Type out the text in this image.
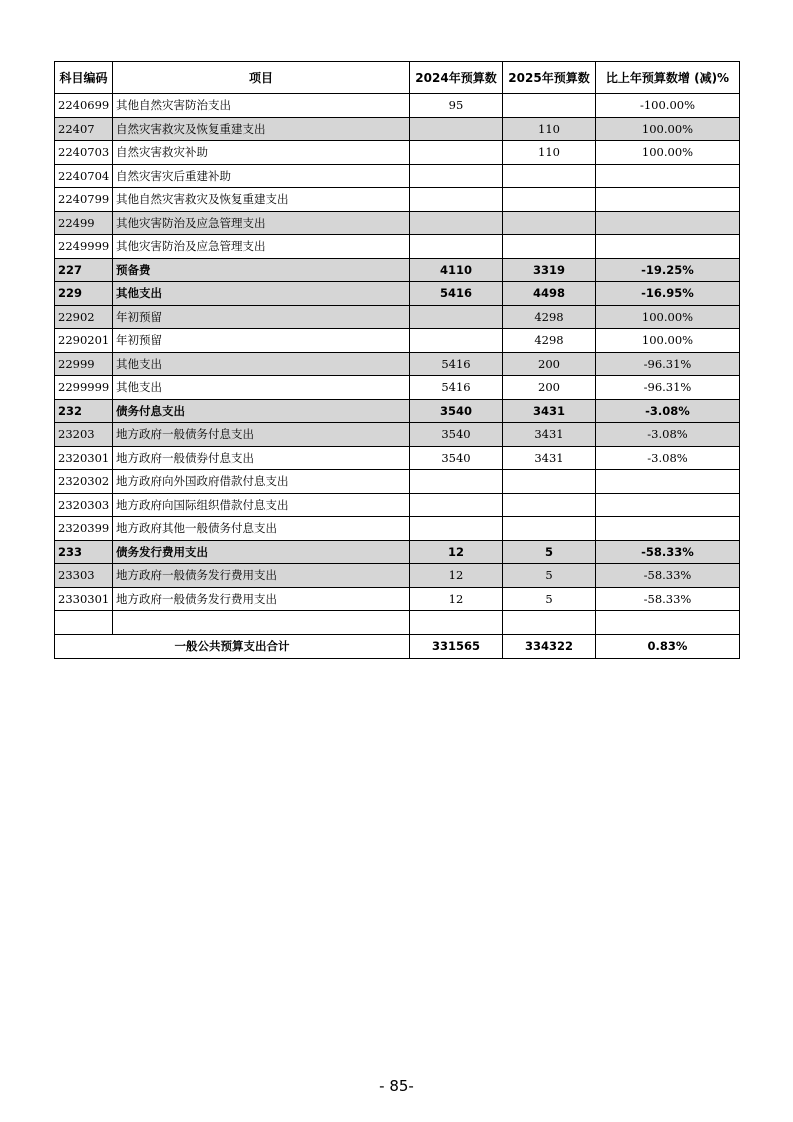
科目编码	项目	2024年预算数	2025年预算数	比上年预算数增 (减)%
2240699	其他自然灾害防治支出	95		-100.00%
22407	自然灾害救灾及恢复重建支出		110	100.00%
2240703	自然灾害救灾补助		110	100.00%
2240704	自然灾害灾后重建补助			
2240799	其他自然灾害救灾及恢复重建支出			
22499	其他灾害防治及应急管理支出			
2249999	其他灾害防治及应急管理支出			
227	预备费	4110	3319	-19.25%
229	其他支出	5416	4498	-16.95%
22902	年初预留		4298	100.00%
2290201	年初预留		4298	100.00%
22999	其他支出	5416	200	-96.31%
2299999	其他支出	5416	200	-96.31%
232	债务付息支出	3540	3431	-3.08%
23203	地方政府一般债务付息支出	3540	3431	-3.08%
2320301	地方政府一般债券付息支出	3540	3431	-3.08%
2320302	地方政府向外国政府借款付息支出			
2320303	地方政府向国际组织借款付息支出			
2320399	地方政府其他一般债务付息支出			
233	债务发行费用支出	12	5	-58.33%
23303	地方政府一般债务发行费用支出	12	5	-58.33%
2330301	地方政府一般债务发行费用支出	12	5	-58.33%

一般公共预算支出合计		331565	334322	0.83%
- 85-
